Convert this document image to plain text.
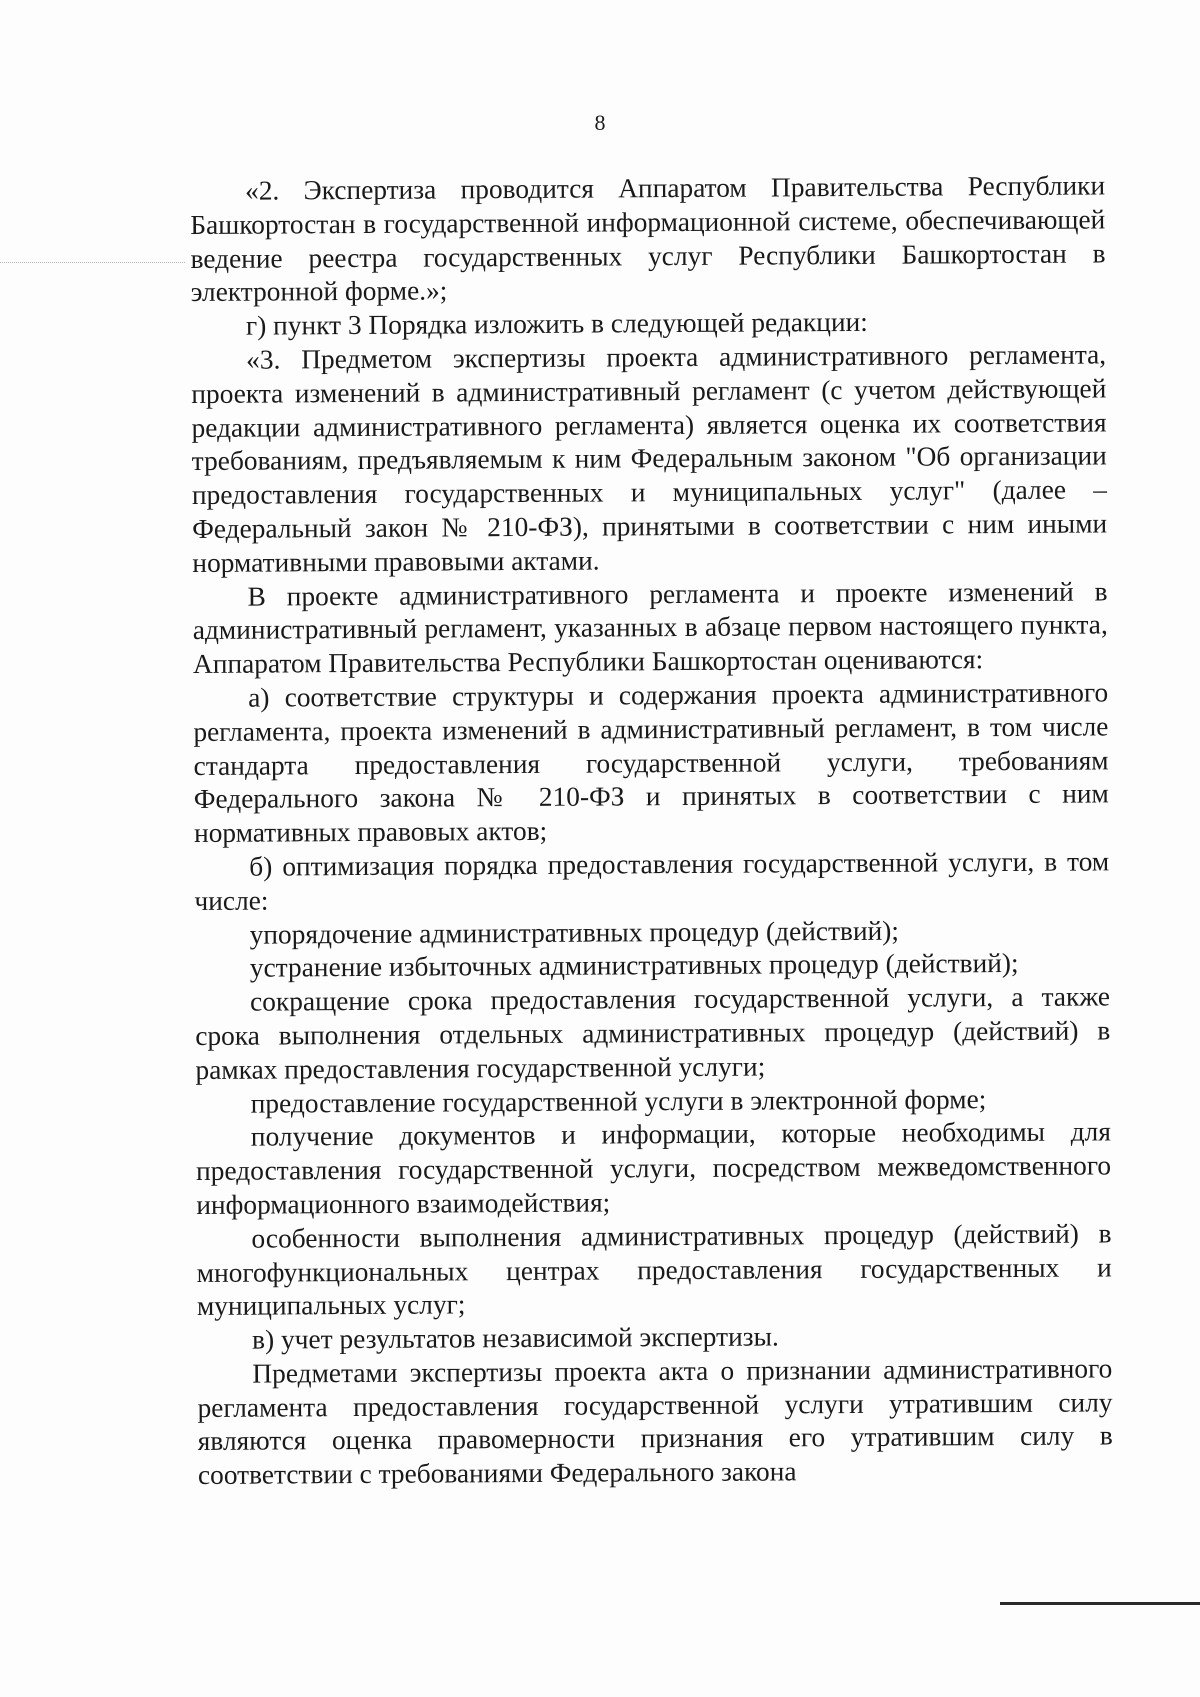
8

«2. Экспертиза проводится Аппаратом Правительства Республики Башкортостан в государственной информационной системе, обеспечивающей ведение реестра государственных услуг Республики Башкортостан в электронной форме.»;

г) пункт 3 Порядка изложить в следующей редакции:

«3. Предметом экспертизы проекта административного регламента, проекта изменений в административный регламент (с учетом действующей редакции административного регламента) является оценка их соответствия требованиям, предъявляемым к ним Федеральным законом "Об организации предоставления государственных и муниципальных услуг" (далее – Федеральный закон № 210-ФЗ), принятыми в соответствии с ним иными нормативными правовыми актами.

В проекте административного регламента и проекте изменений в административный регламент, указанных в абзаце первом настоящего пункта, Аппаратом Правительства Республики Башкортостан оцениваются:

а) соответствие структуры и содержания проекта административного регламента, проекта изменений в административный регламент, в том числе стандарта предоставления государственной услуги, требованиям Федерального закона № 210-ФЗ и принятых в соответствии с ним нормативных правовых актов;

б) оптимизация порядка предоставления государственной услуги, в том числе:

упорядочение административных процедур (действий);

устранение избыточных административных процедур (действий);

сокращение срока предоставления государственной услуги, а также срока выполнения отдельных административных процедур (действий) в рамках предоставления государственной услуги;

предоставление государственной услуги в электронной форме;

получение документов и информации, которые необходимы для предоставления государственной услуги, посредством межведомственного информационного взаимодействия;

особенности выполнения административных процедур (действий) в многофункциональных центрах предоставления государственных и муниципальных услуг;

в) учет результатов независимой экспертизы.

Предметами экспертизы проекта акта о признании административного регламента предоставления государственной услуги утратившим силу являются оценка правомерности признания его утратившим силу в соответствии с требованиями Федерального закона
